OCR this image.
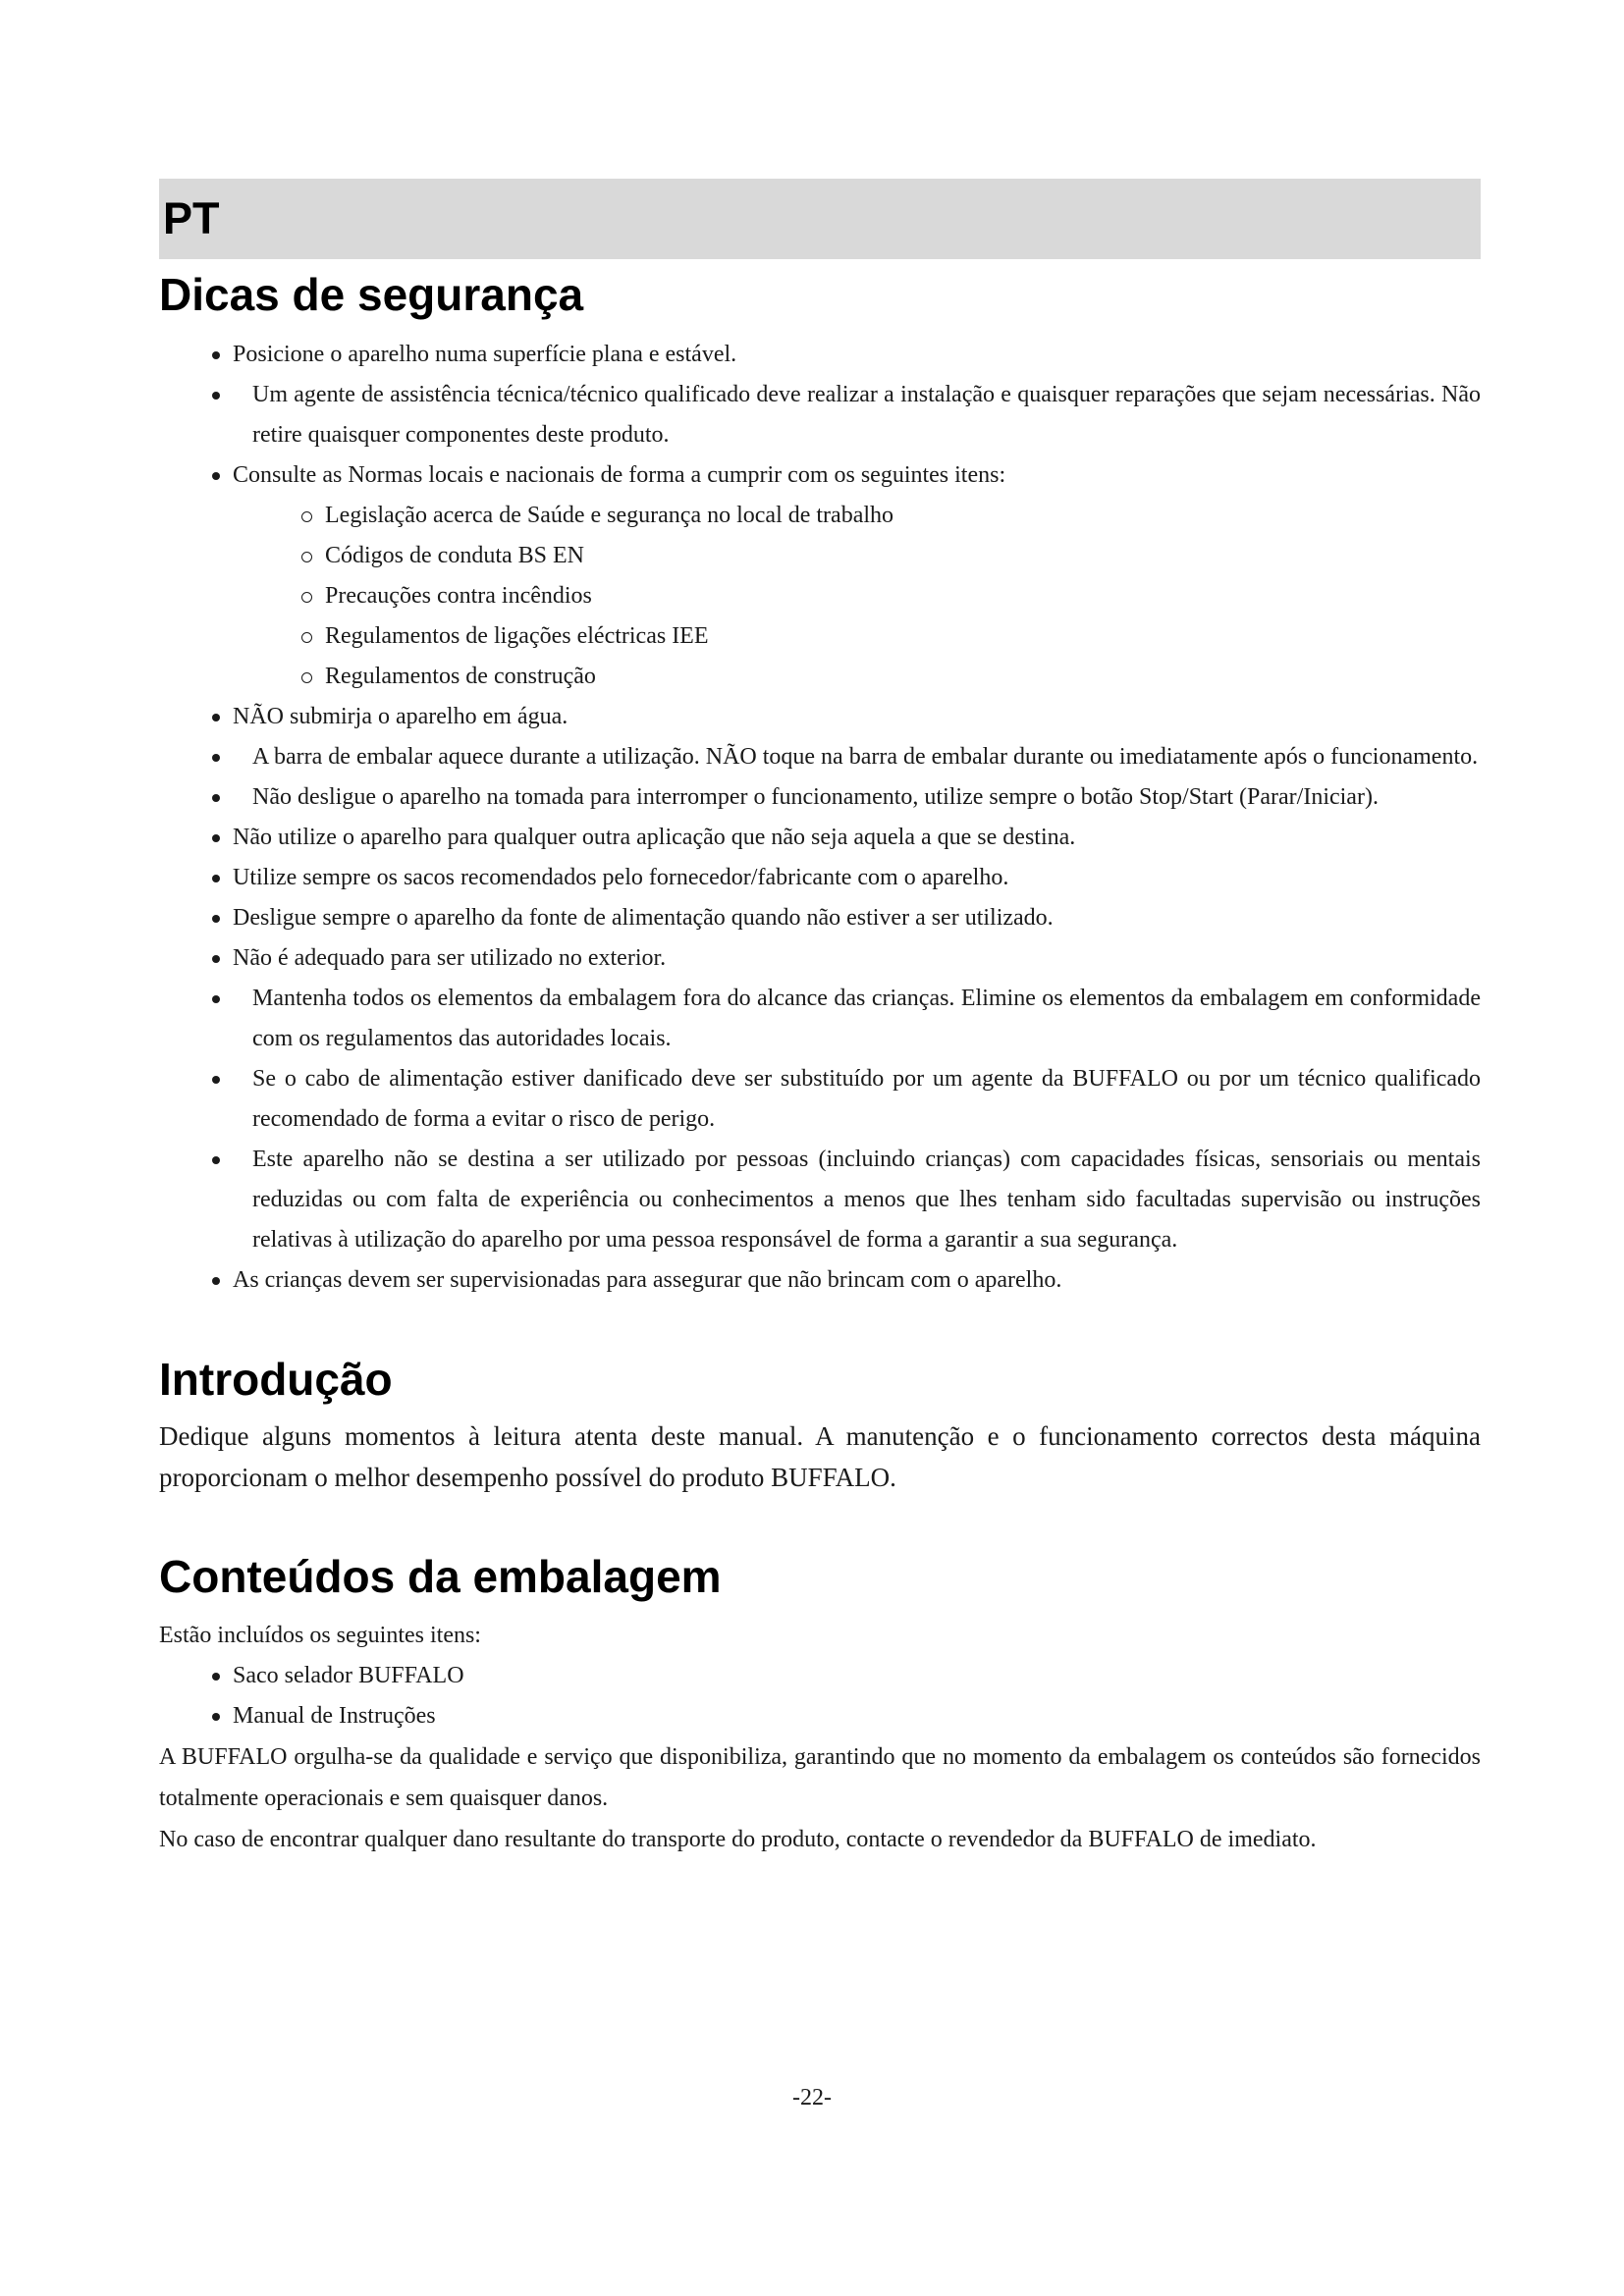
PT
Dicas de segurança
Posicione o aparelho numa superfície plana e estável.
Um agente de assistência técnica/técnico qualificado deve realizar a instalação e quaisquer reparações que sejam necessárias. Não retire quaisquer componentes deste produto.
Consulte as Normas locais e nacionais de forma a cumprir com os seguintes itens:
Legislação acerca de Saúde e segurança no local de trabalho
Códigos de conduta BS EN
Precauções contra incêndios
Regulamentos de ligações eléctricas IEE
Regulamentos de construção
NÃO submirja o aparelho em água.
A barra de embalar aquece durante a utilização. NÃO toque na barra de embalar durante ou imediatamente após o funcionamento.
Não desligue o aparelho na tomada para interromper o funcionamento, utilize sempre o botão Stop/Start (Parar/Iniciar).
Não utilize o aparelho para qualquer outra aplicação que não seja aquela a que se destina.
Utilize sempre os sacos recomendados pelo fornecedor/fabricante com o aparelho.
Desligue sempre o aparelho da fonte de alimentação quando não estiver a ser utilizado.
Não é adequado para ser utilizado no exterior.
Mantenha todos os elementos da embalagem fora do alcance das crianças. Elimine os elementos da embalagem em conformidade com os regulamentos das autoridades locais.
Se o cabo de alimentação estiver danificado deve ser substituído por um agente da BUFFALO ou por um técnico qualificado recomendado de forma a evitar o risco de perigo.
Este aparelho não se destina a ser utilizado por pessoas (incluindo crianças) com capacidades físicas, sensoriais ou mentais reduzidas ou com falta de experiência ou conhecimentos a menos que lhes tenham sido facultadas supervisão ou instruções relativas à utilização do aparelho por uma pessoa responsável de forma a garantir a sua segurança.
As crianças devem ser supervisionadas para assegurar que não brincam com o aparelho.
Introdução

Dedique alguns momentos à leitura atenta deste manual. A manutenção e o funcionamento correctos desta máquina proporcionam o melhor desempenho possível do produto BUFFALO.

Conteúdos da embalagem

Estão incluídos os seguintes itens:

Saco selador BUFFALO
Manual de Instruções

A BUFFALO orgulha-se da qualidade e serviço que disponibiliza, garantindo que no momento da embalagem os conteúdos são fornecidos totalmente operacionais e sem quaisquer danos.

No caso de encontrar qualquer dano resultante do transporte do produto, contacte o revendedor da BUFFALO de imediato.

-22-
